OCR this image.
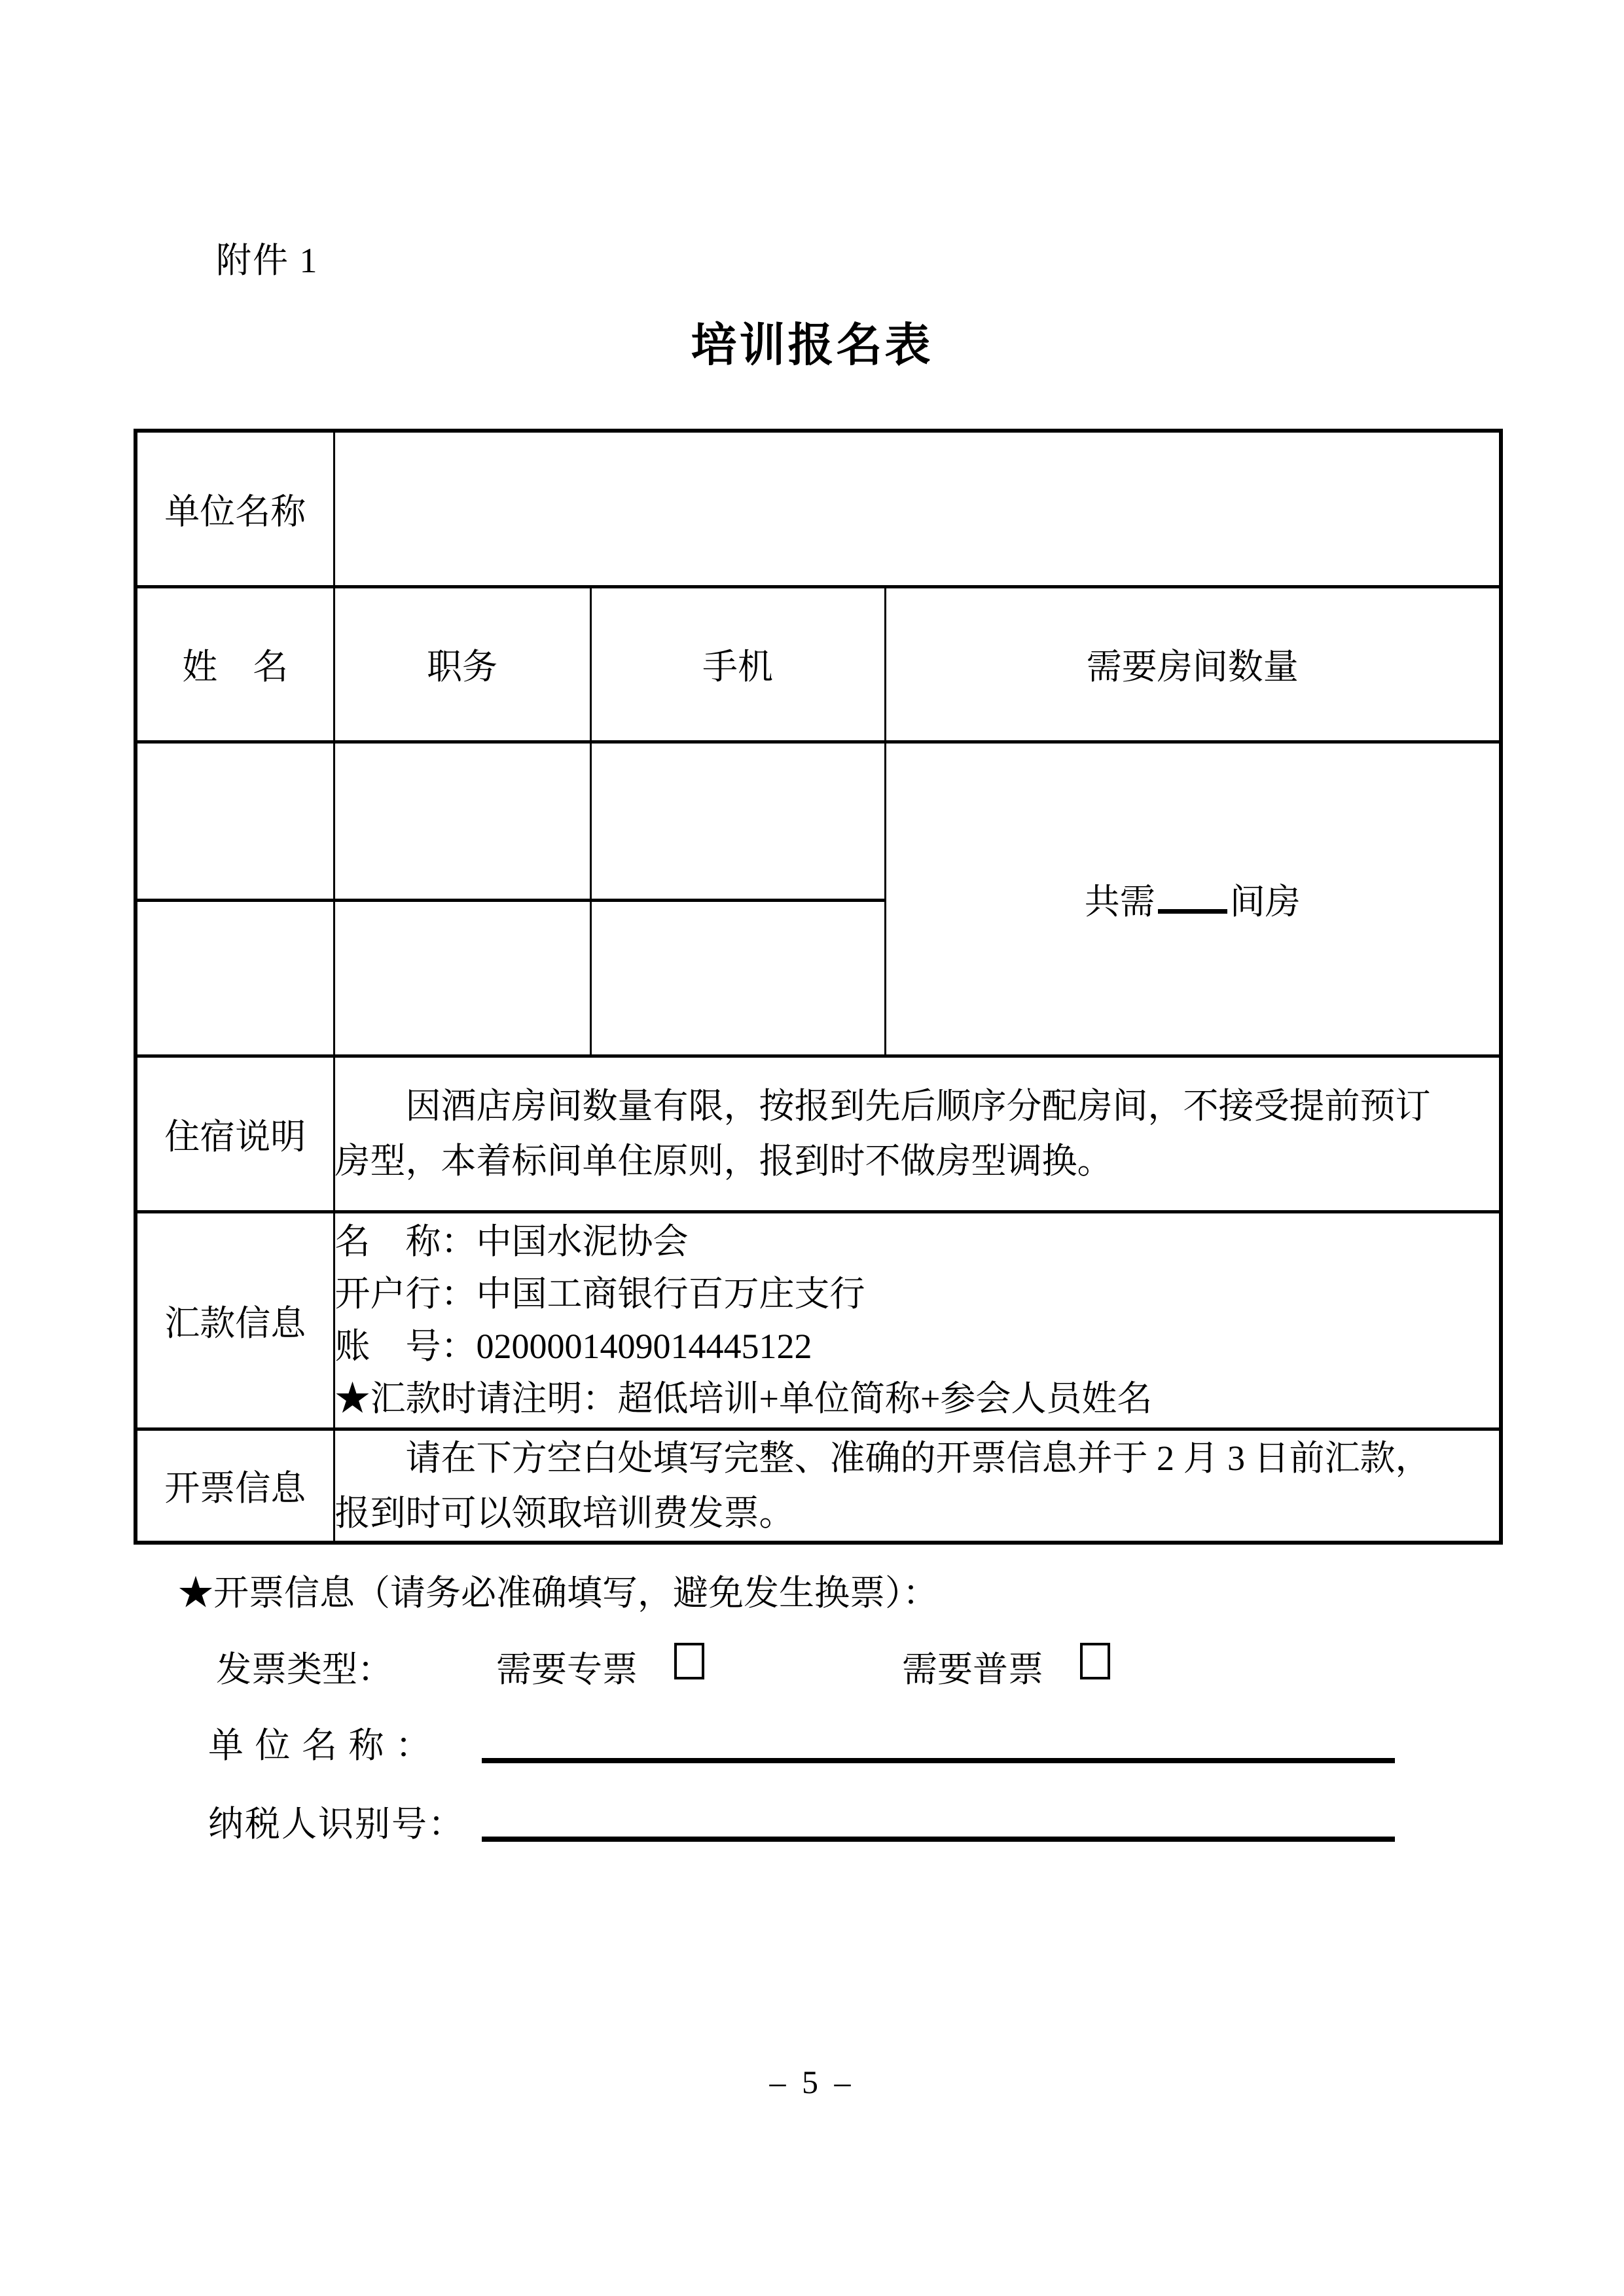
附件 1
培训报名表
单位名称			
姓　名	职务	手机	需要房间数量
			共需 间房

住宿说明	因酒店房间数量有限，按报到先后顺序分配房间，不接受提前预订
房型，本着标间单住原则，报到时不做房型调换。		

汇款信息	名　称：中国水泥协会
开户行：中国工商银行百万庄支行
账　号：0200001409014445122
★汇款时请注明：超低培训+单位简称+参会人员姓名		

开票信息	请在下方空白处填写完整、准确的开票信息并于 2 月 3 日前汇款，
报到时可以领取培训费发票。		
★开票信息（请务必准确填写，避免发生换票）：
发票类型：	需要专票	需要普票
单 位 名 称 ：
纳税人识别号：
– 5 –
